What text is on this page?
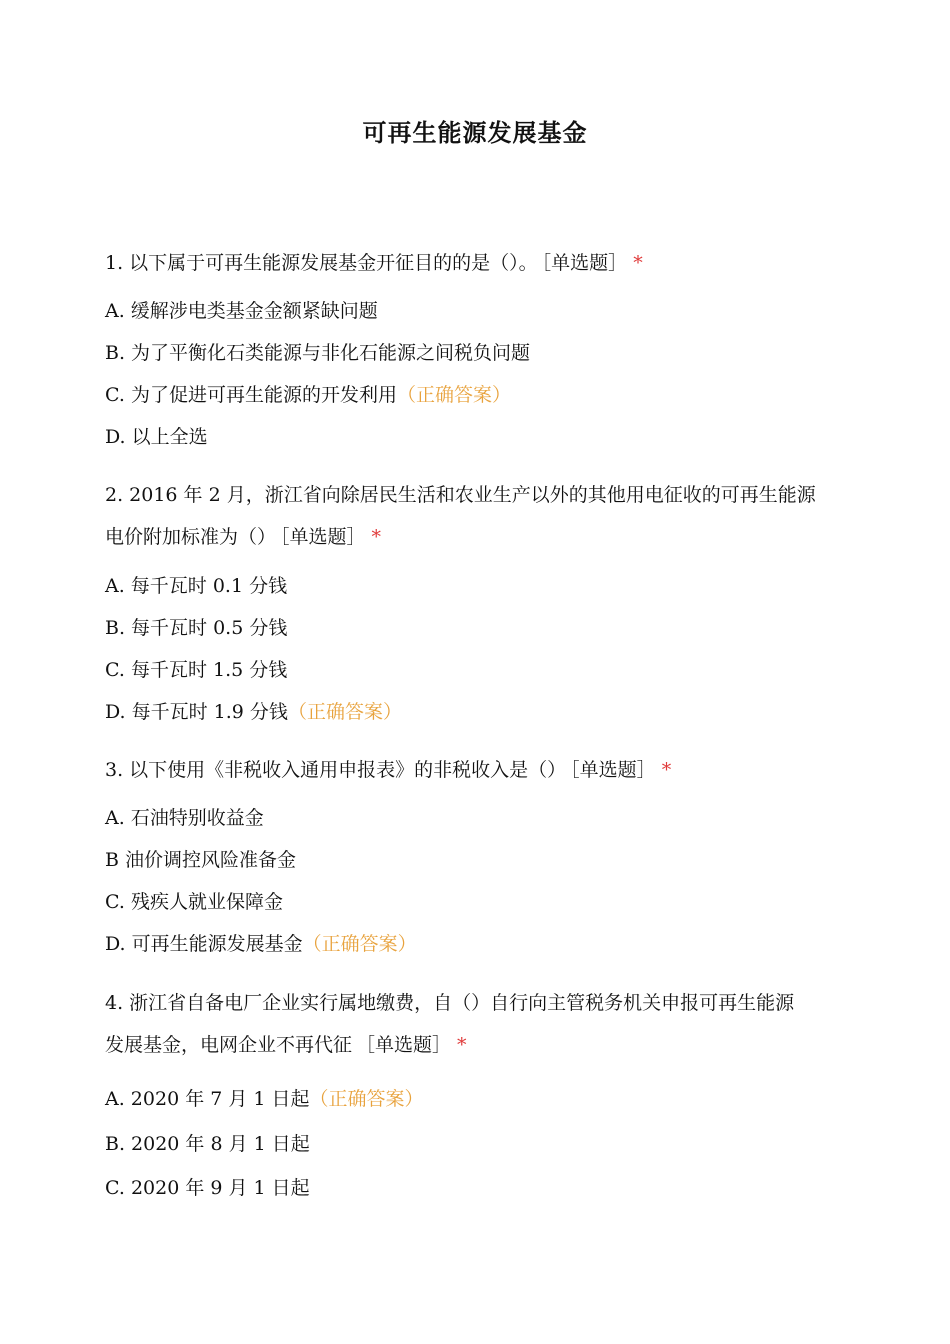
可再生能源发展基金
1. 以下属于可再生能源发展基金开征目的的是（）。 ［单选题］ *
A. 缓解涉电类基金金额紧缺问题
B. 为了平衡化石类能源与非化石能源之间税负问题
C. 为了促进可再生能源的开发利用（正确答案）
D. 以上全选
2. 2016 年 2 月，浙江省向除居民生活和农业生产以外的其他用电征收的可再生能源
电价附加标准为（） ［单选题］ *
A. 每千瓦时 0.1 分钱
B. 每千瓦时 0.5 分钱
C. 每千瓦时 1.5 分钱
D. 每千瓦时 1.9 分钱（正确答案）
3. 以下使用《非税收入通用申报表》的非税收入是（） ［单选题］ *
A. 石油特别收益金
B 油价调控风险准备金
C. 残疾人就业保障金
D. 可再生能源发展基金（正确答案）
4. 浙江省自备电厂企业实行属地缴费，自（）自行向主管税务机关申报可再生能源
发展基金，电网企业不再代征 ［单选题］ *
A. 2020 年 7 月 1 日起（正确答案）
B. 2020 年 8 月 1 日起
C. 2020 年 9 月 1 日起
